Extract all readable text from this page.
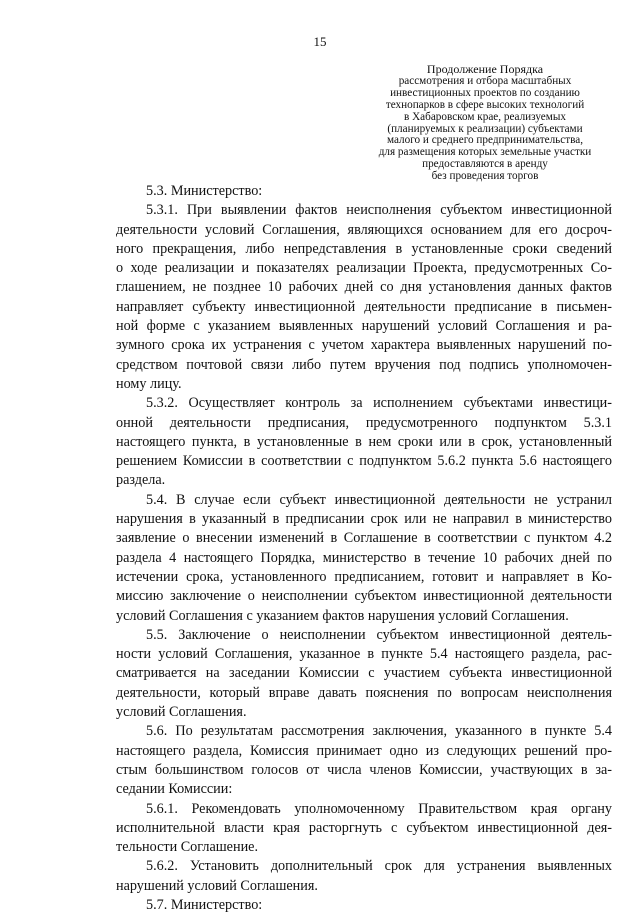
15
Продолжение Порядка
рассмотрения и отбора масштабных
инвестиционных проектов по созданию
технопарков в сфере высоких технологий
в Хабаровском крае, реализуемых
(планируемых к реализации) субъектами
малого и среднего предпринимательства,
для размещения которых земельные участки
предоставляются в аренду
без проведения торгов
5.3. Министерство:
5.3.1. При выявлении фактов неисполнения субъектом инвестиционной
деятельности условий Соглашения, являющихся основанием для его досроч-
ного прекращения, либо непредставления в установленные сроки сведений
о ходе реализации и показателях реализации Проекта, предусмотренных Со-
глашением, не позднее 10 рабочих дней со дня установления данных фактов
направляет субъекту инвестиционной деятельности предписание в письмен-
ной форме с указанием выявленных нарушений условий Соглашения и ра-
зумного срока их устранения с учетом характера выявленных нарушений по-
средством почтовой связи либо путем вручения под подпись уполномочен-
ному лицу.
5.3.2. Осуществляет контроль за исполнением субъектами инвестици-
онной деятельности предписания, предусмотренного подпунктом 5.3.1
настоящего пункта, в установленные в нем сроки или в срок, установленный
решением Комиссии в соответствии с подпунктом 5.6.2 пункта 5.6 настоящего
раздела.
5.4. В случае если субъект инвестиционной деятельности не устранил
нарушения в указанный в предписании срок или не направил в министерство
заявление о внесении изменений в Соглашение в соответствии с пунктом 4.2
раздела 4 настоящего Порядка, министерство в течение 10 рабочих дней по
истечении срока, установленного предписанием, готовит и направляет в Ко-
миссию заключение о неисполнении субъектом инвестиционной деятельности
условий Соглашения с указанием фактов нарушения условий Соглашения.
5.5. Заключение о неисполнении субъектом инвестиционной деятель-
ности условий Соглашения, указанное в пункте 5.4 настоящего раздела, рас-
сматривается на заседании Комиссии с участием субъекта инвестиционной
деятельности, который вправе давать пояснения по вопросам неисполнения
условий Соглашения.
5.6. По результатам рассмотрения заключения, указанного в пункте 5.4
настоящего раздела, Комиссия принимает одно из следующих решений про-
стым большинством голосов от числа членов Комиссии, участвующих в за-
седании Комиссии:
5.6.1. Рекомендовать уполномоченному Правительством края органу
исполнительной власти края расторгнуть с субъектом инвестиционной дея-
тельности Соглашение.
5.6.2. Установить дополнительный срок для устранения выявленных
нарушений условий Соглашения.
5.7. Министерство:
